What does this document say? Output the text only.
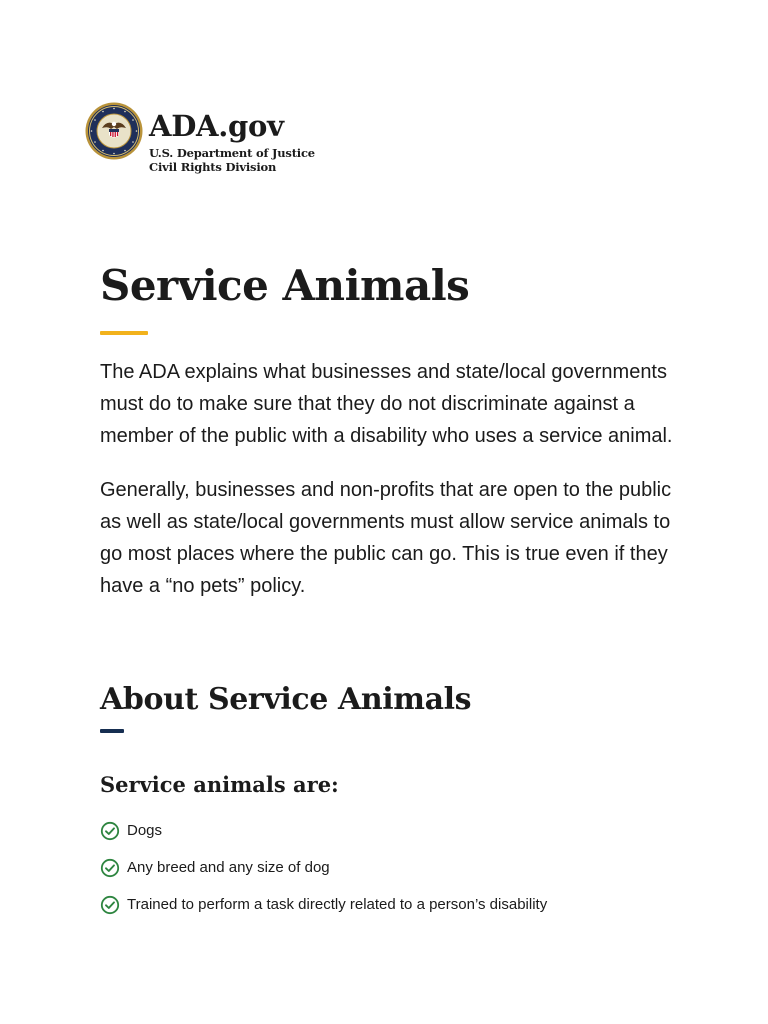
ADA.gov
U.S. Department of Justice
Civil Rights Division
Service Animals

The ADA explains what businesses and state/local governments must do to make sure that they do not discriminate against a member of the public with a disability who uses a service animal.

Generally, businesses and non-profits that are open to the public as well as state/local governments must allow service animals to go most places where the public can go. This is true even if they have a “no pets” policy.

About Service Animals
Service animals are:
Dogs
Any breed and any size of dog
Trained to perform a task directly related to a person’s disability
